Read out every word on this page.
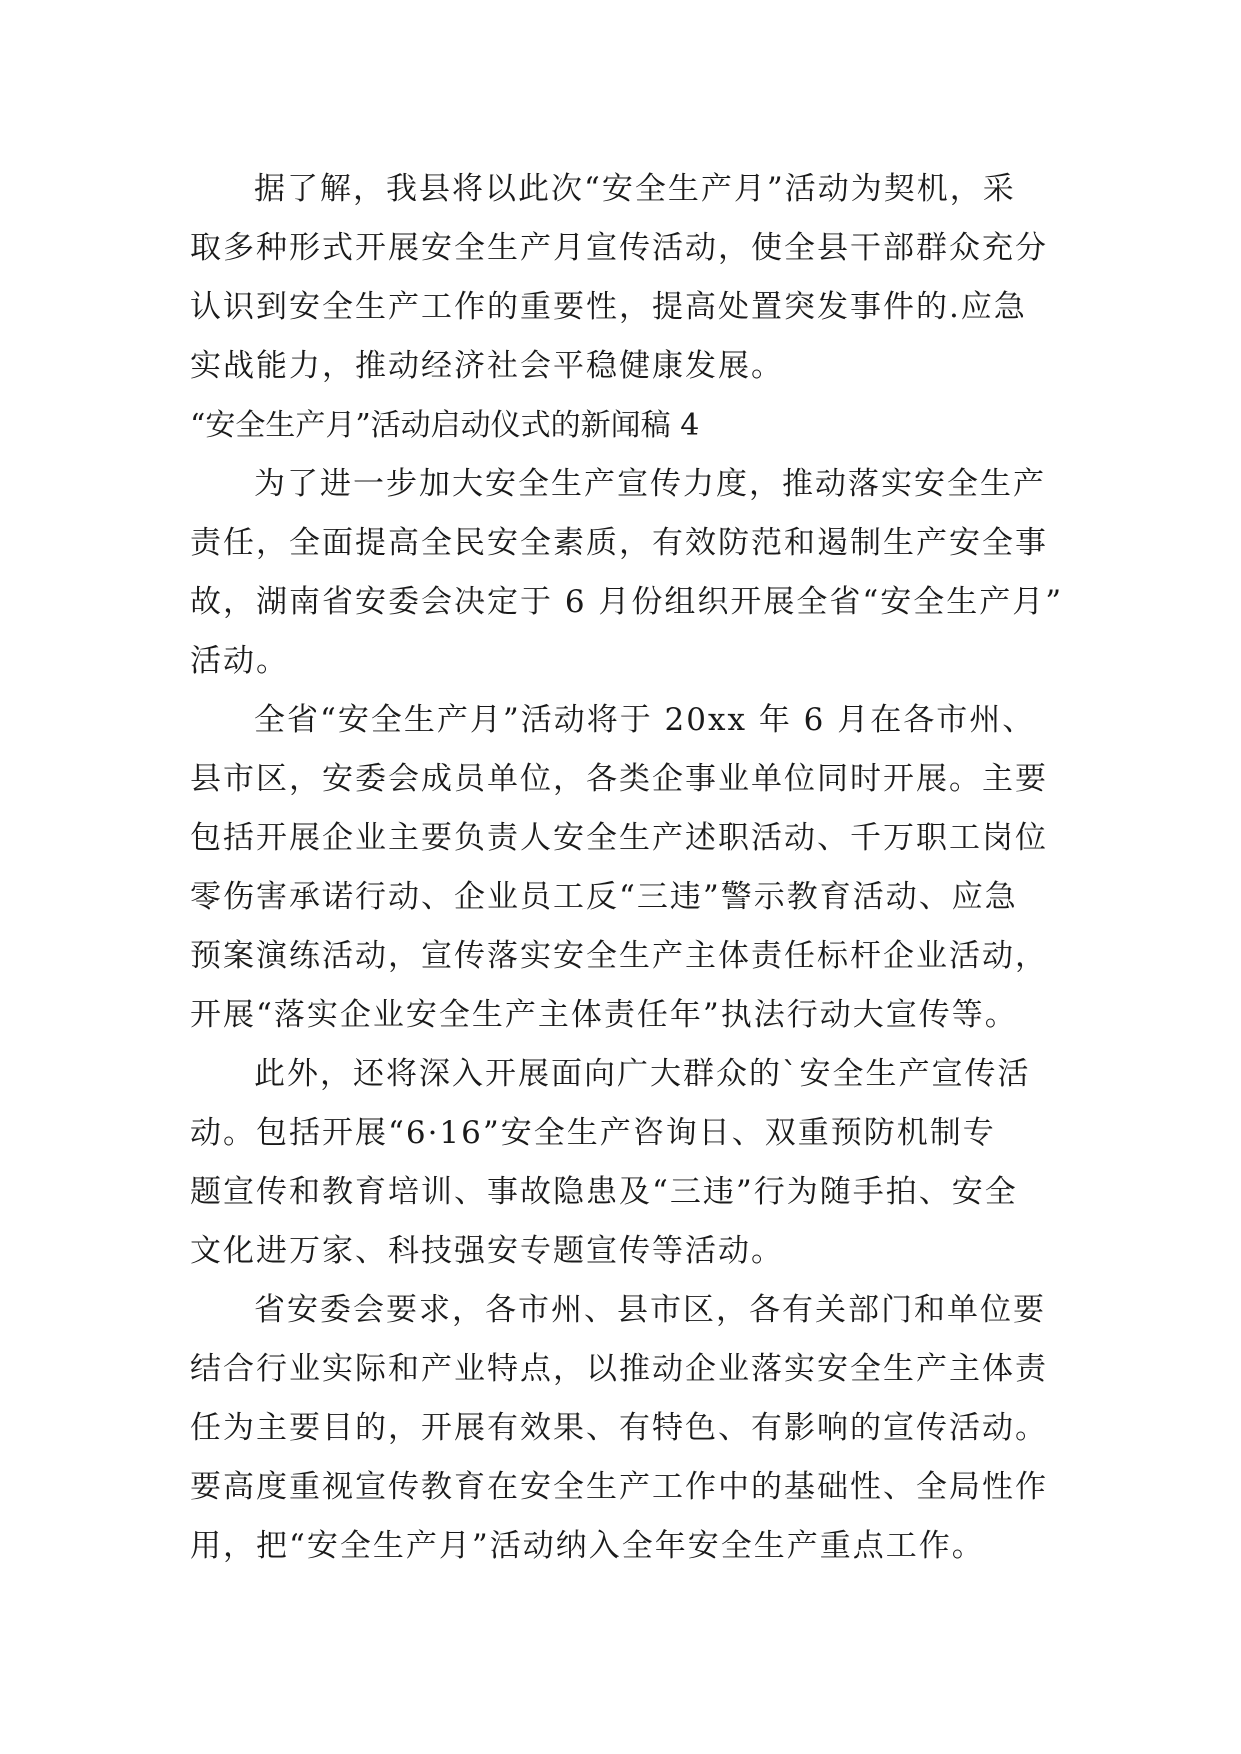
据了解，我县将以此次“安全生产月”活动为契机，采
取多种形式开展安全生产月宣传活动，使全县干部群众充分
认识到安全生产工作的重要性，提高处置突发事件的.应急
实战能力，推动经济社会平稳健康发展。
“安全生产月”活动启动仪式的新闻稿 4
为了进一步加大安全生产宣传力度，推动落实安全生产
责任，全面提高全民安全素质，有效防范和遏制生产安全事
故，湖南省安委会决定于 6 月份组织开展全省“安全生产月”
活动。
全省“安全生产月”活动将于 20xx 年 6 月在各市州、
县市区，安委会成员单位，各类企事业单位同时开展。主要
包括开展企业主要负责人安全生产述职活动、千万职工岗位
零伤害承诺行动、企业员工反“三违”警示教育活动、应急
预案演练活动，宣传落实安全生产主体责任标杆企业活动，
开展“落实企业安全生产主体责任年”执法行动大宣传等。
此外，还将深入开展面向广大群众的`安全生产宣传活
动。包括开展“6·16”安全生产咨询日、双重预防机制专
题宣传和教育培训、事故隐患及“三违”行为随手拍、安全
文化进万家、科技强安专题宣传等活动。
省安委会要求，各市州、县市区，各有关部门和单位要
结合行业实际和产业特点，以推动企业落实安全生产主体责
任为主要目的，开展有效果、有特色、有影响的宣传活动。
要高度重视宣传教育在安全生产工作中的基础性、全局性作
用，把“安全生产月”活动纳入全年安全生产重点工作。
